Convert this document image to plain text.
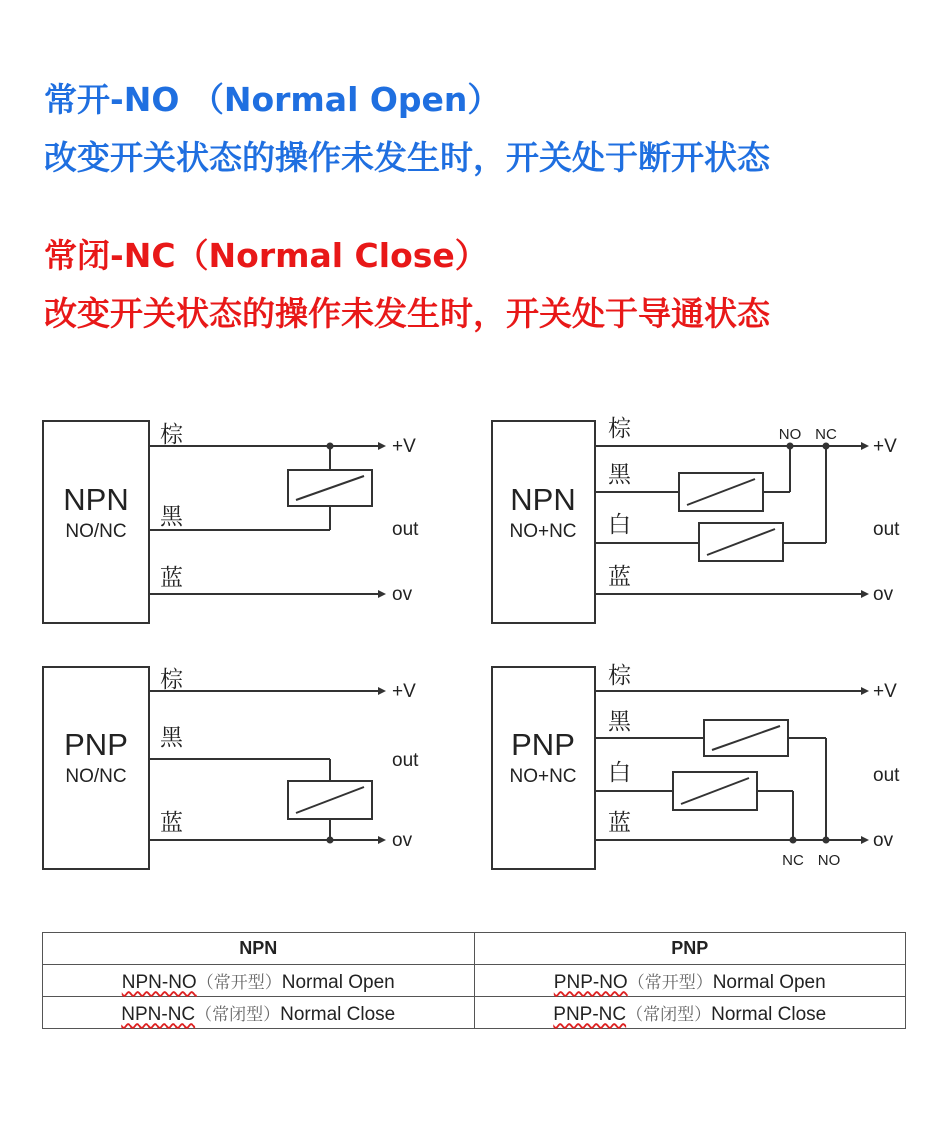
常开-NO （Normal Open）

改变开关状态的操作未发生时，开关处于断开状态

常闭-NC（Normal Close）

改变开关状态的操作未发生时，开关处于导通状态

NPN
NO/NC
棕
黑
蓝
+V
out
ov
NPN
NO+NC
棕
黑
白
蓝
NO NC
+V
out
ov
PNP
NO/NC
棕
黑
蓝
+V
out
ov
PNP
NO+NC
棕
黑
白
蓝
+V
out
ov
NC NO
NPN	PNP
NPN-NO（常开型）Normal Open	PNP-NO（常开型）Normal Open
NPN-NC（常闭型）Normal Close	PNP-NC（常闭型）Normal Close
